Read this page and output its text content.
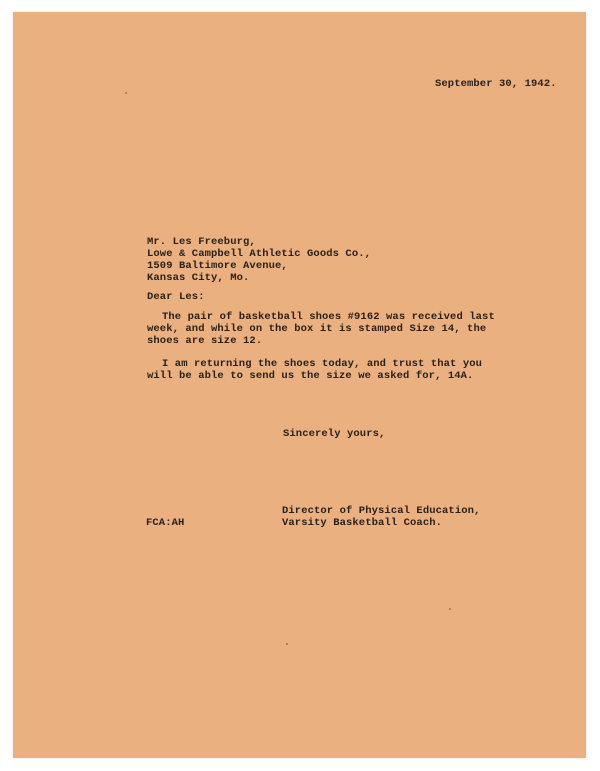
September 30, 1942.

Mr. Les Freeburg,

Lowe & Campbell Athletic Goods Co.,

1509 Baltimore Avenue,

Kansas City, Mo.

Dear Les:

The pair of basketball shoes #9162 was received last

week, and while on the box it is stamped Size 14, the

shoes are size 12.

I am returning the shoes today, and trust that you

will be able to send us the size we asked for, 14A.

Sincerely yours,

FCA:AH

Director of Physical Education,

Varsity Basketball Coach.
